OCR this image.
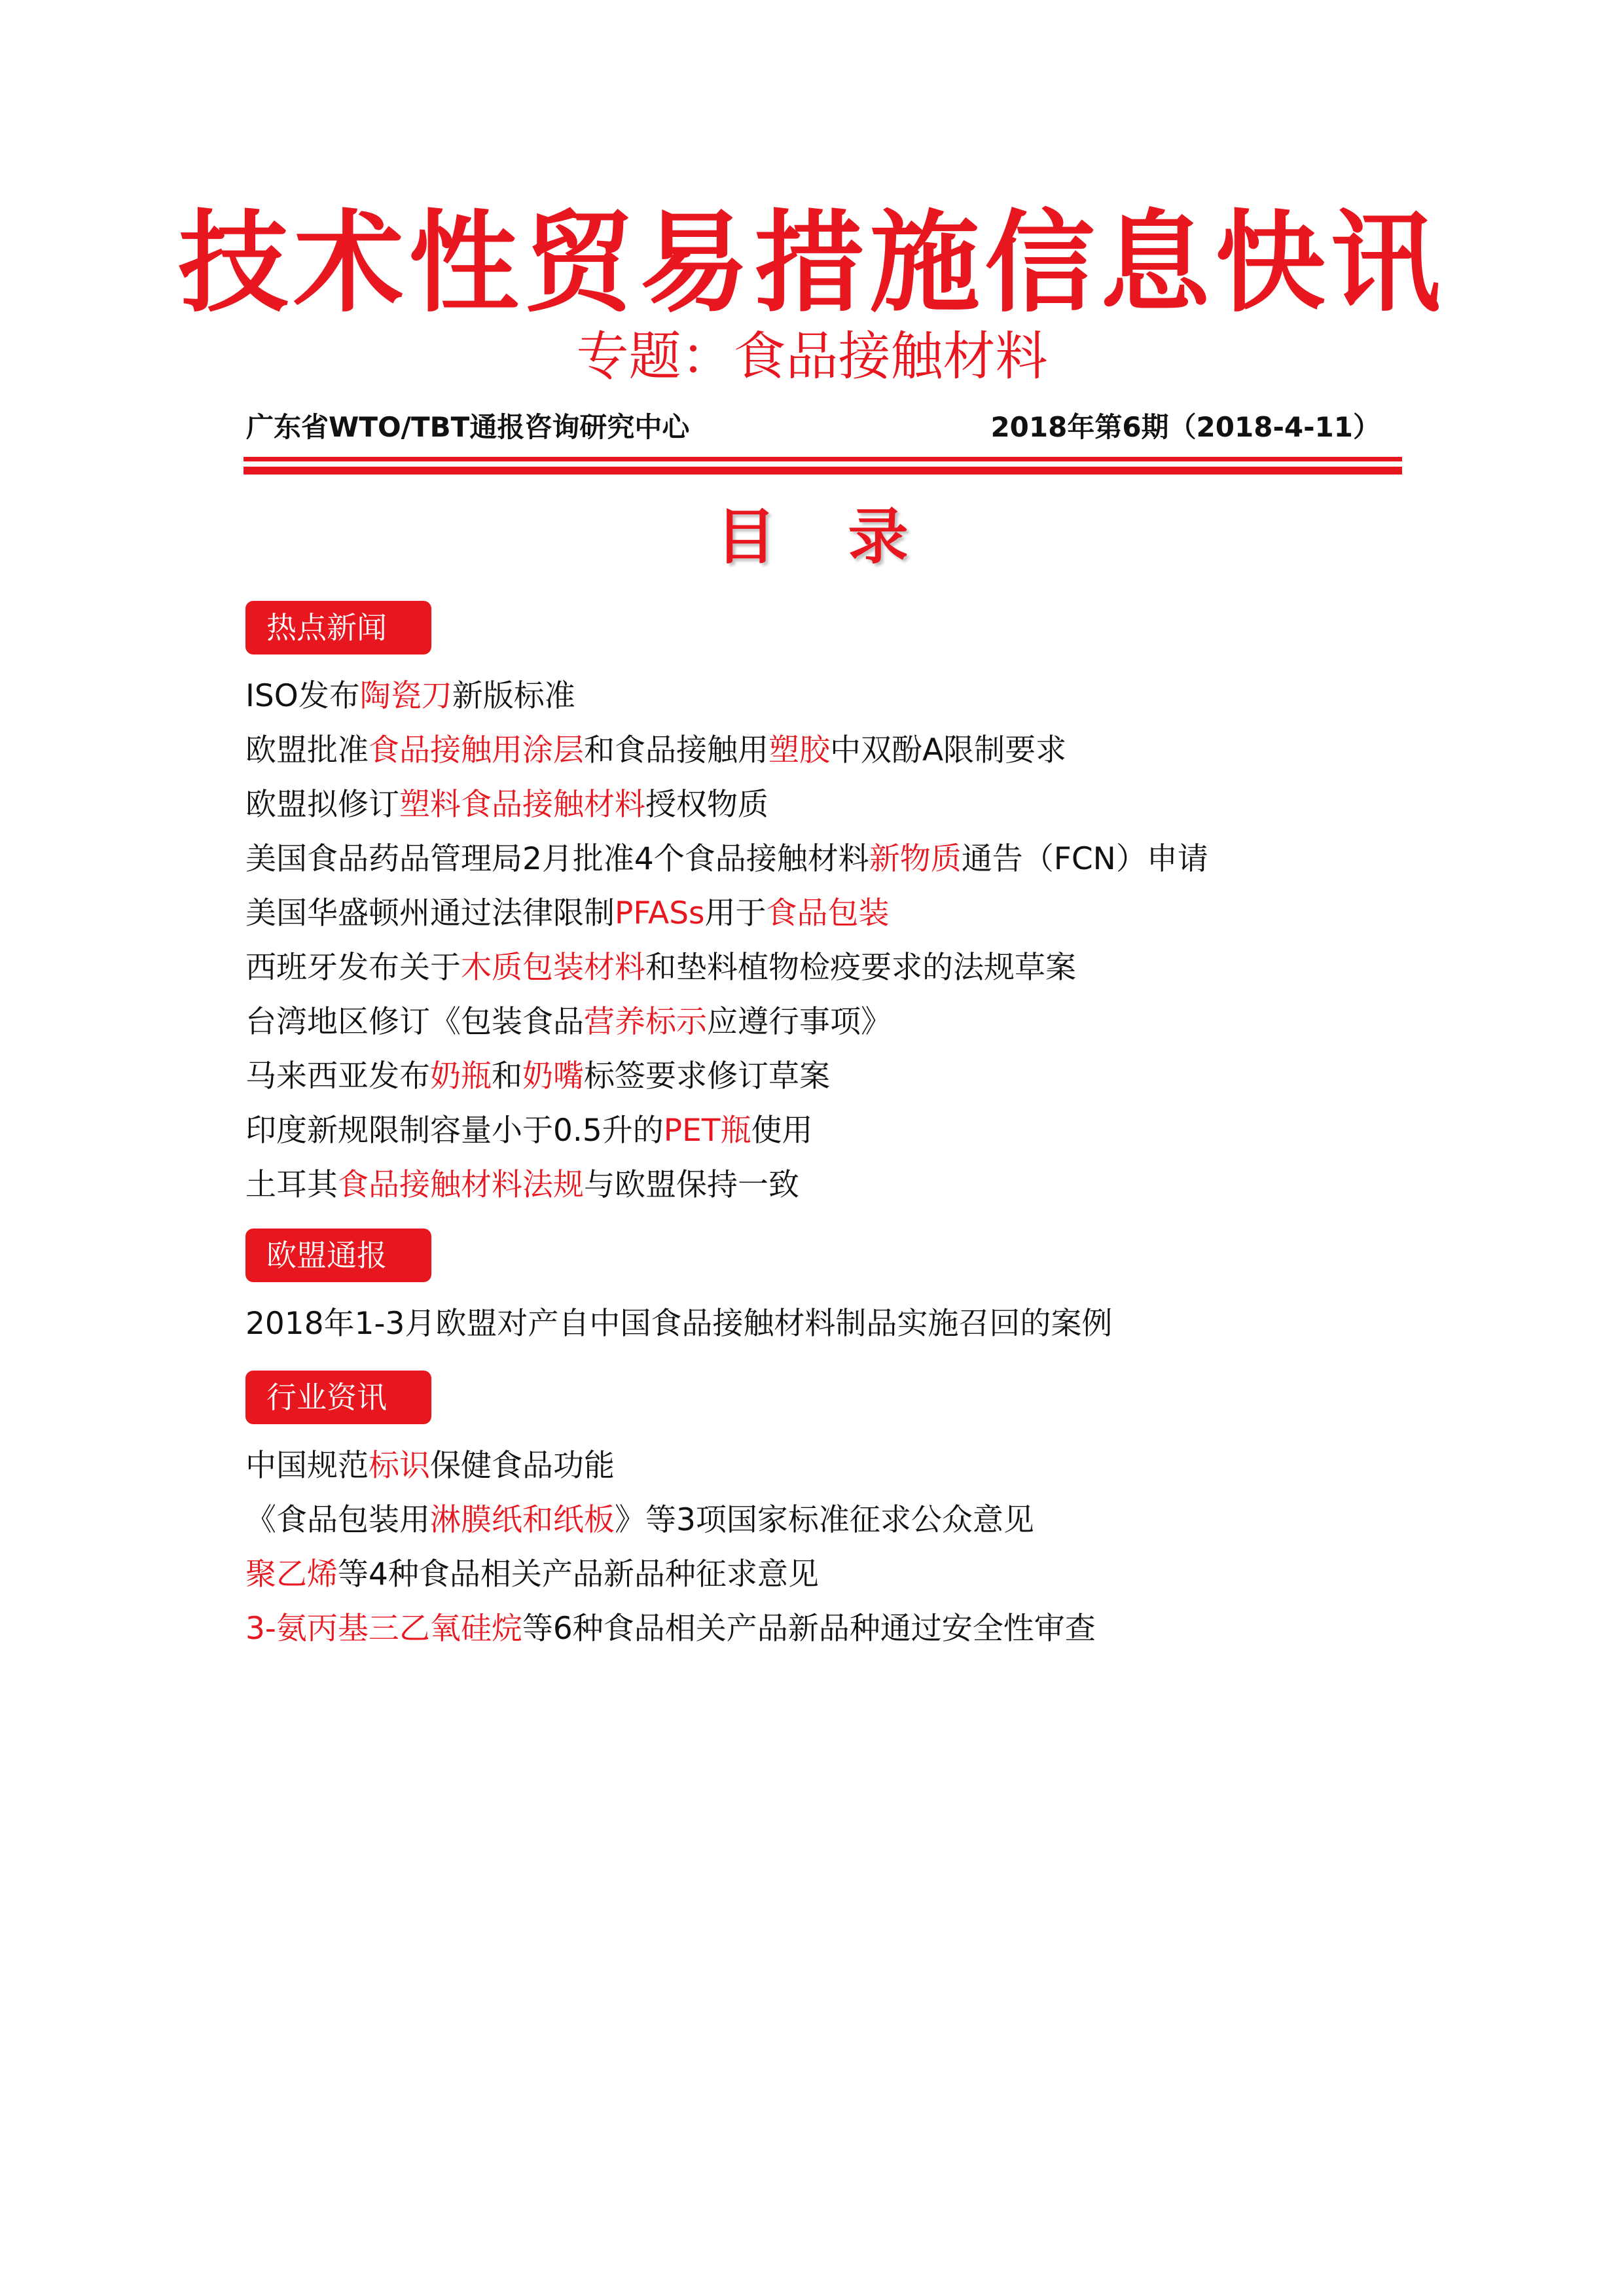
技术性贸易措施信息快讯
专题：食品接触材料
广东省WTO/TBT通报咨询研究中心	2018年第6期（2018-4-11）
目录
热点新闻
ISO发布陶瓷刀新版标准
欧盟批准食品接触用涂层和食品接触用塑胶中双酚A限制要求
欧盟拟修订塑料食品接触材料授权物质
美国食品药品管理局2月批准4个食品接触材料新物质通告（FCN）申请
美国华盛顿州通过法律限制PFASs用于食品包装
西班牙发布关于木质包装材料和垫料植物检疫要求的法规草案
台湾地区修订《包装食品营养标示应遵行事项》
马来西亚发布奶瓶和奶嘴标签要求修订草案
印度新规限制容量小于0.5升的PET瓶使用
土耳其食品接触材料法规与欧盟保持一致
欧盟通报
2018年1-3月欧盟对产自中国食品接触材料制品实施召回的案例
行业资讯
中国规范标识保健食品功能
《食品包装用淋膜纸和纸板》等3项国家标准征求公众意见
聚乙烯等4种食品相关产品新品种征求意见
3-氨丙基三乙氧硅烷等6种食品相关产品新品种通过安全性审查
